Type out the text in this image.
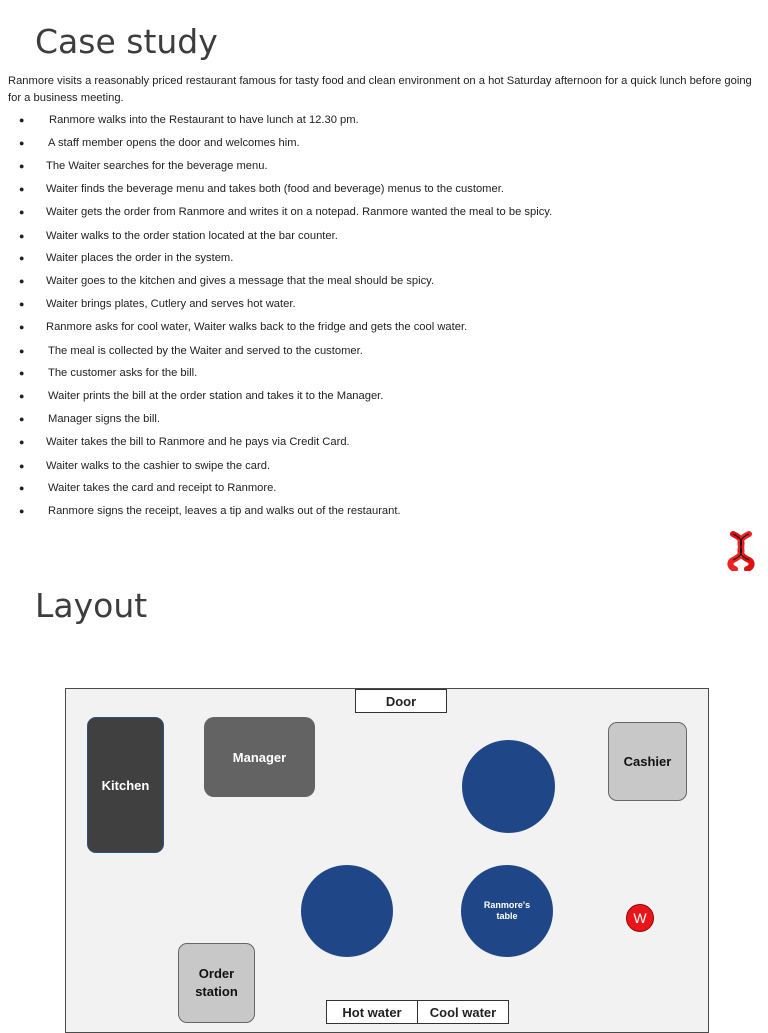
Case study

Ranmore visits a reasonably priced restaurant famous for tasty food and clean environment on a hot Saturday afternoon for a quick lunch before going for a business meeting.

● Ranmore walks into the Restaurant to have lunch at 12.30 pm.
● A staff member opens the door and welcomes him.
● The Waiter searches for the beverage menu.
● Waiter finds the beverage menu and takes both (food and beverage) menus to the customer.
● Waiter gets the order from Ranmore and writes it on a notepad. Ranmore wanted the meal to be spicy.
● Waiter walks to the order station located at the bar counter.
● Waiter places the order in the system.
● Waiter goes to the kitchen and gives a message that the meal should be spicy.
● Waiter brings plates, Cutlery and serves hot water.
● Ranmore asks for cool water, Waiter walks back to the fridge and gets the cool water.
● The meal is collected by the Waiter and served to the customer.
● The customer asks for the bill.
● Waiter prints the bill at the order station and takes it to the Manager.
● Manager signs the bill.
● Waiter takes the bill to Ranmore and he pays via Credit Card.
● Waiter walks to the cashier to swipe the card.
● Waiter takes the card and receipt to Ranmore.
● Ranmore signs the receipt, leaves a tip and walks out of the restaurant.
Layout
Door
Kitchen
Manager	Cashier
Order station
Ranmore's table	W
Hot water	Cool water
